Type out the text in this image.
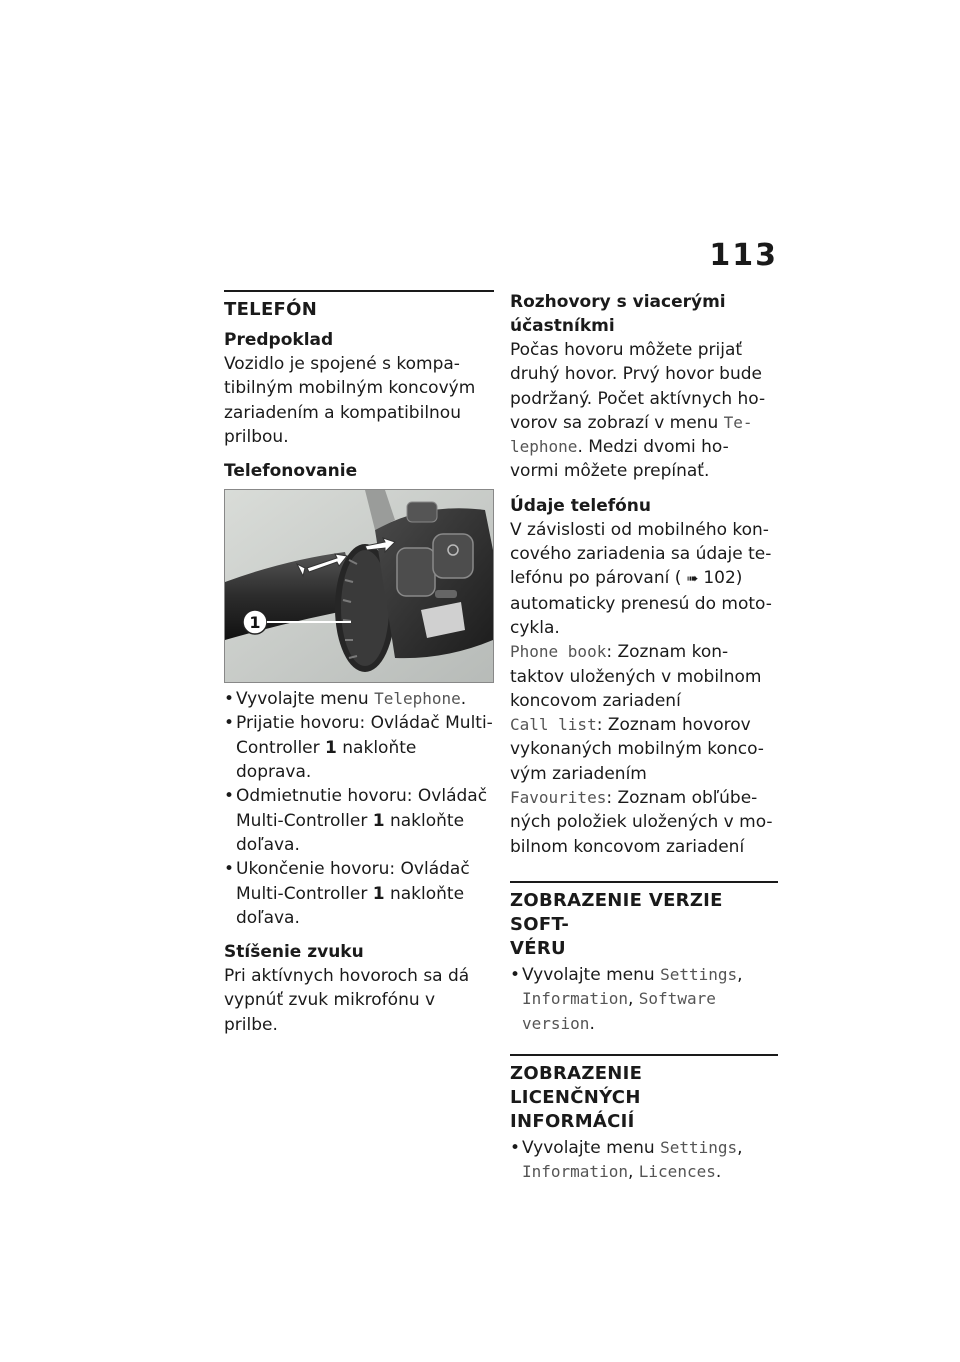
113
TELEFÓN
Predpoklad
Vozidlo je spojené s kompa-
tibilným mobilným koncovým
zariadením a kompatibilnou
prilbou.
Telefonovanie
1
• Vyvolajte menu Telephone.
• Prijatie hovoru: Ovládač Multi-
Controller 1 nakloňte doprava.
• Odmietnutie hovoru: Ovládač
Multi-Controller 1 nakloňte
doľava.
• Ukončenie hovoru: Ovládač
Multi-Controller 1 nakloňte
doľava.
Stíšenie zvuku
Pri aktívnych hovoroch sa dá
vypnúť zvuk mikrofónu v prilbe.
Rozhovory s viacerými
účastníkmi
Počas hovoru môžete prijať
druhý hovor. Prvý hovor bude
podržaný. Počet aktívnych ho-
vorov sa zobrazí v menu Te-
lephone. Medzi dvomi ho-
vormi môžete prepínať.
Údaje telefónu
V závislosti od mobilného kon-
cového zariadenia sa údaje te-
lefónu po párovaní ( ➠ 102)
automaticky prenesú do moto-
cykla.
Phone book: Zoznam kon-
taktov uložených v mobilnom
koncovom zariadení
Call list: Zoznam hovorov
vykonaných mobilným konco-
vým zariadením
Favourites: Zoznam obľúbe-
ných položiek uložených v mo-
bilnom koncovom zariadení
ZOBRAZENIE VERZIE SOFT-
VÉRU
• Vyvolajte menu Settings,
Information, Software
version.
ZOBRAZENIE LICENČNÝCH
INFORMÁCIÍ
• Vyvolajte menu Settings,
Information, Licences.
